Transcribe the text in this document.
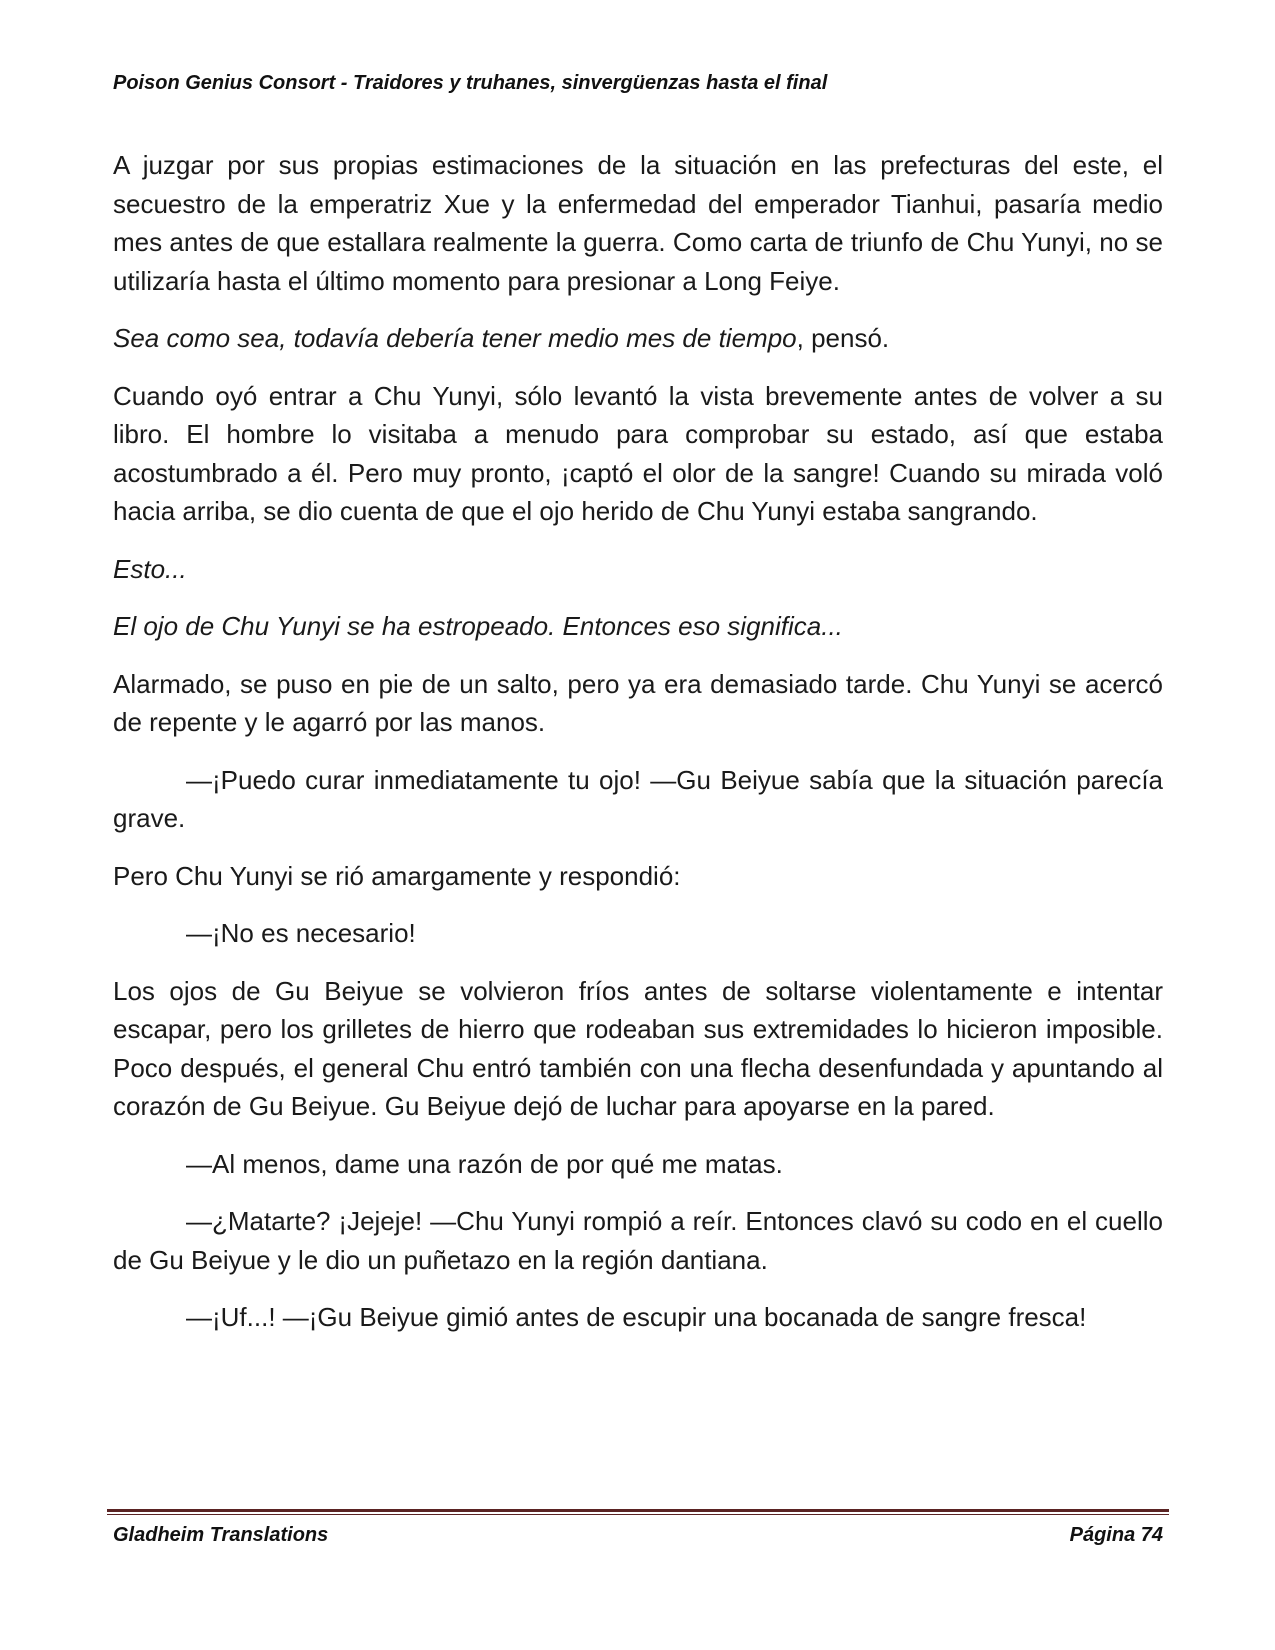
Poison Genius Consort - Traidores y truhanes, sinvergüenzas hasta el final

A juzgar por sus propias estimaciones de la situación en las prefecturas del este, el secuestro de la emperatriz Xue y la enfermedad del emperador Tianhui, pasaría medio mes antes de que estallara realmente la guerra. Como carta de triunfo de Chu Yunyi, no se utilizaría hasta el último momento para presionar a Long Feiye.

Sea como sea, todavía debería tener medio mes de tiempo, pensó.

Cuando oyó entrar a Chu Yunyi, sólo levantó la vista brevemente antes de volver a su libro. El hombre lo visitaba a menudo para comprobar su estado, así que estaba acostumbrado a él. Pero muy pronto, ¡captó el olor de la sangre! Cuando su mirada voló hacia arriba, se dio cuenta de que el ojo herido de Chu Yunyi estaba sangrando.

Esto...

El ojo de Chu Yunyi se ha estropeado. Entonces eso significa...

Alarmado, se puso en pie de un salto, pero ya era demasiado tarde. Chu Yunyi se acercó de repente y le agarró por las manos.

—¡Puedo curar inmediatamente tu ojo! —Gu Beiyue sabía que la situación parecía grave.

Pero Chu Yunyi se rió amargamente y respondió:

—¡No es necesario!

Los ojos de Gu Beiyue se volvieron fríos antes de soltarse violentamente e intentar escapar, pero los grilletes de hierro que rodeaban sus extremidades lo hicieron imposible. Poco después, el general Chu entró también con una flecha desenfundada y apuntando al corazón de Gu Beiyue. Gu Beiyue dejó de luchar para apoyarse en la pared.

—Al menos, dame una razón de por qué me matas.

—¿Matarte? ¡Jejeje! —Chu Yunyi rompió a reír. Entonces clavó su codo en el cuello de Gu Beiyue y le dio un puñetazo en la región dantiana.

—¡Uf...! —¡Gu Beiyue gimió antes de escupir una bocanada de sangre fresca!

Gladheim Translations	Página 74
